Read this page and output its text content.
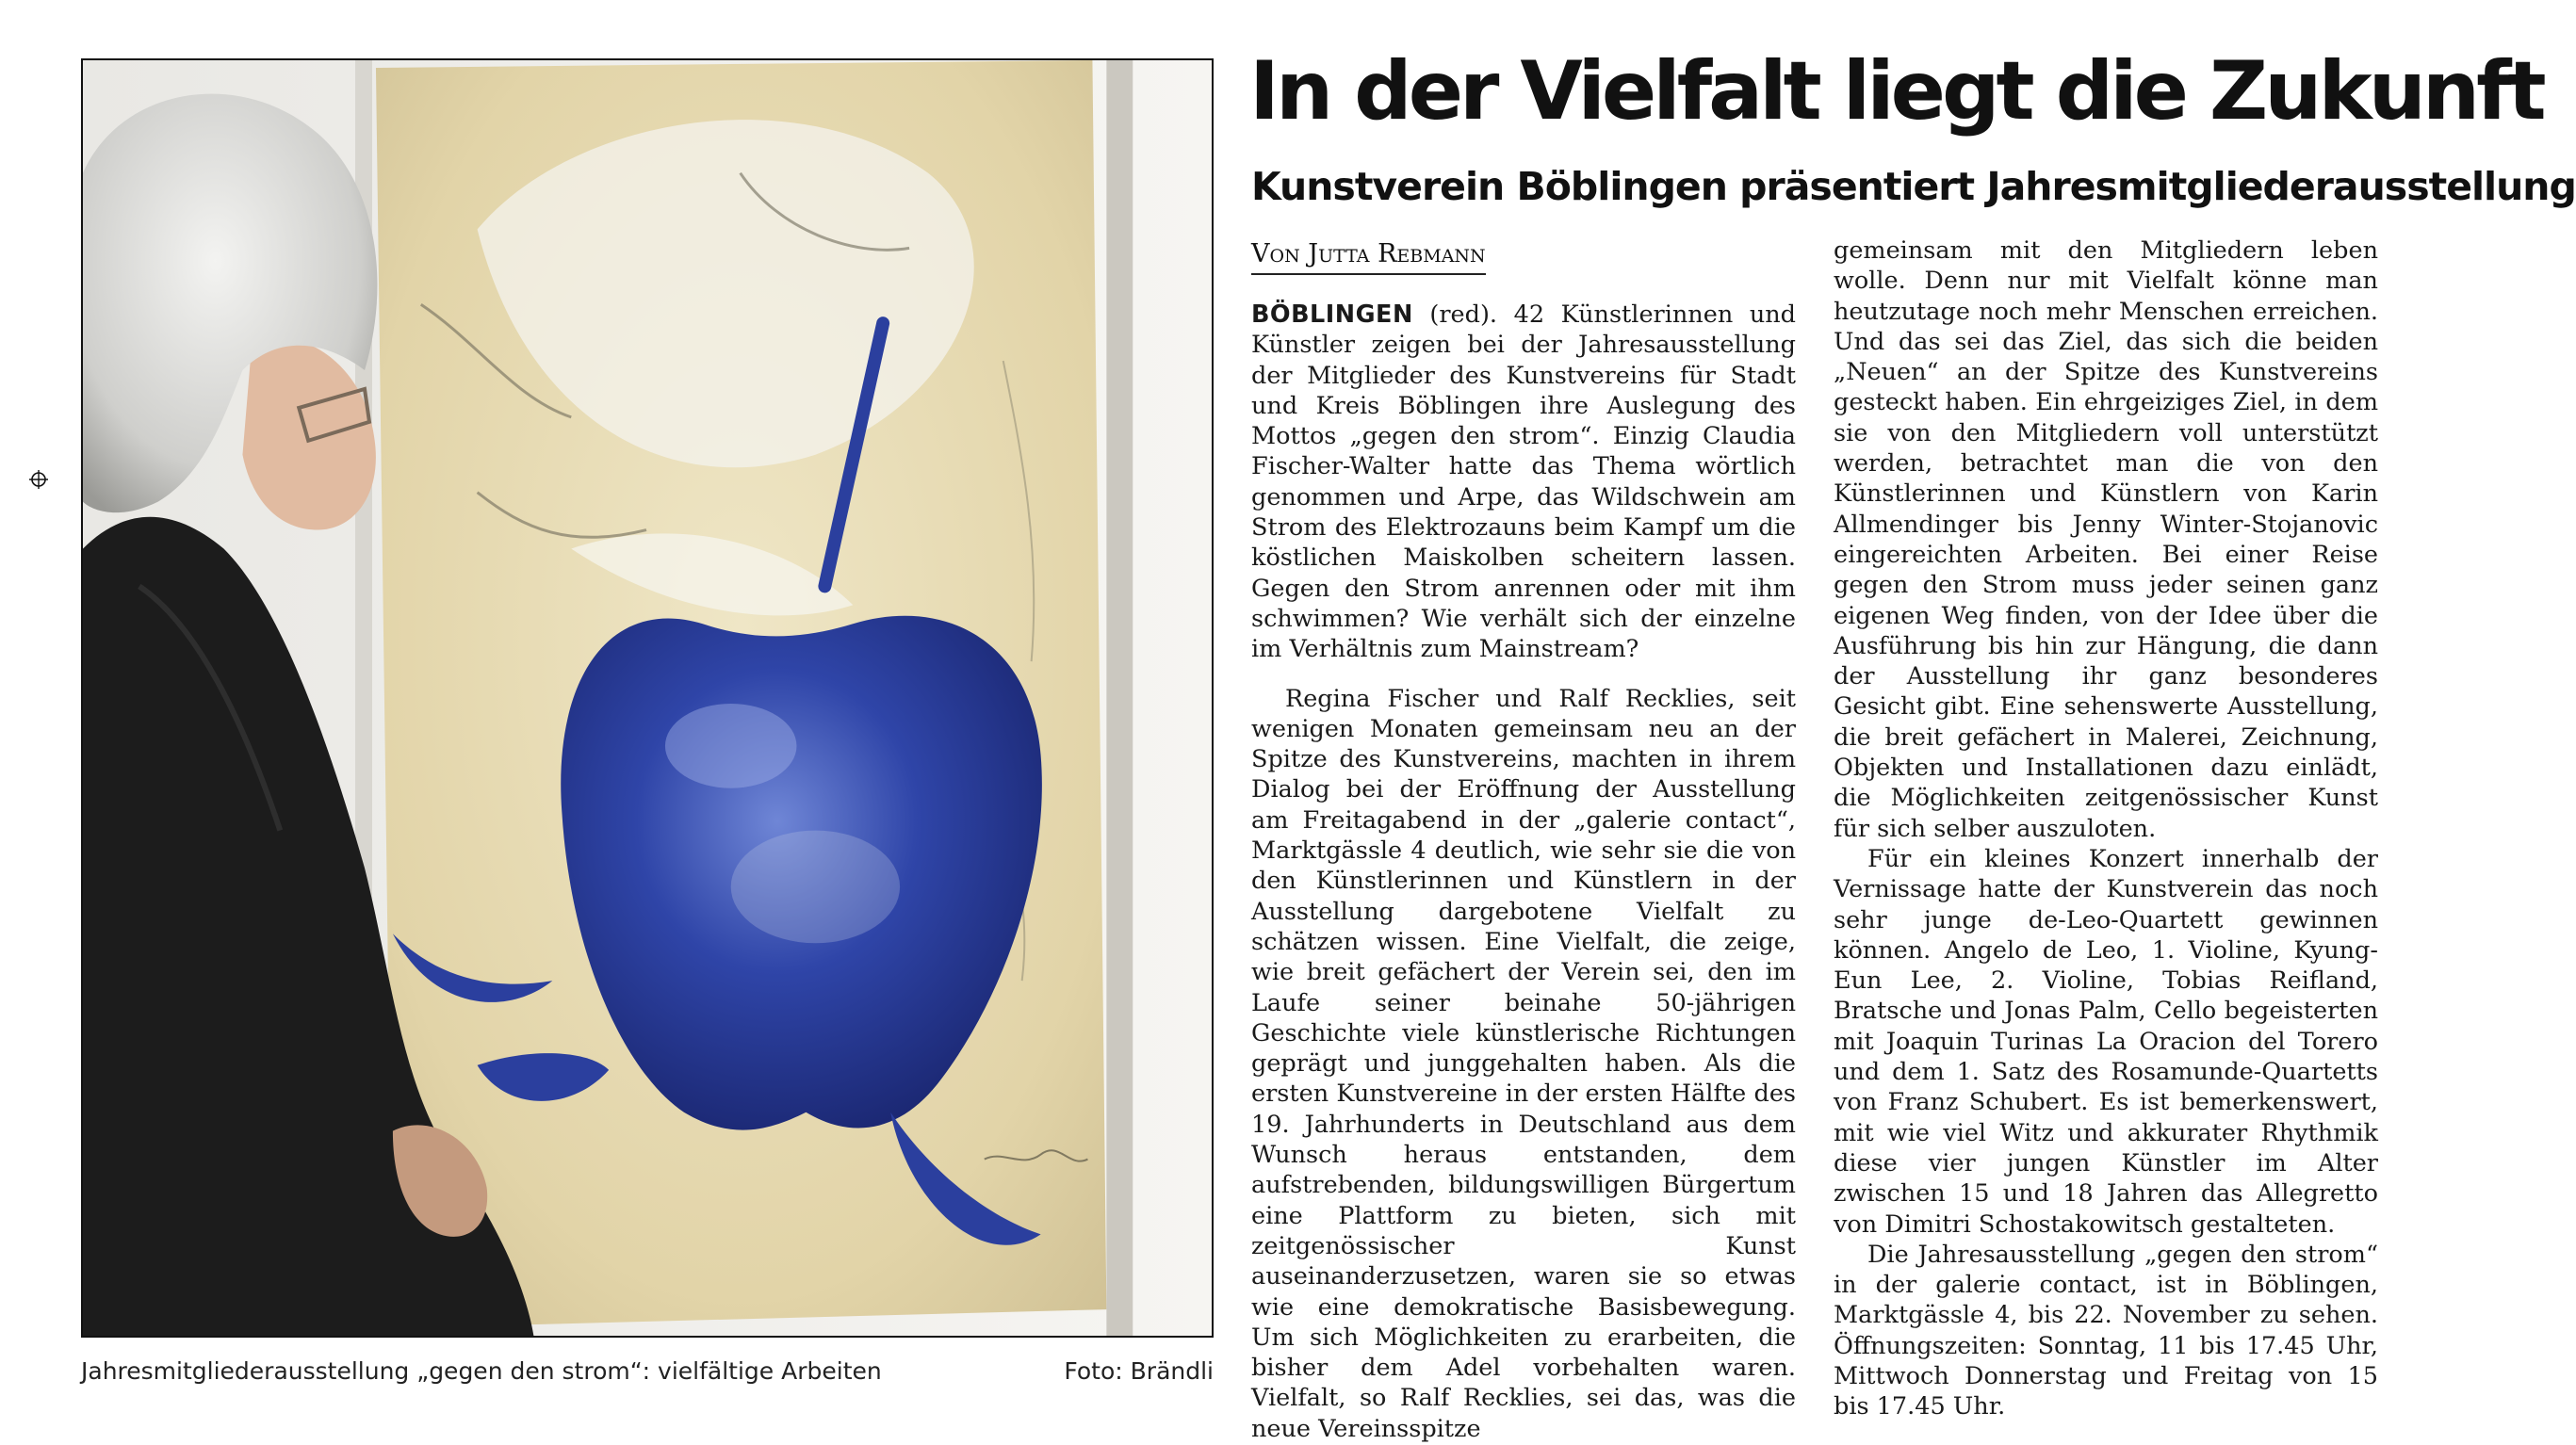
Jahresmitgliederausstellung „gegen den strom“: vielfältige Arbeiten	Foto: Brändli
In der Vielfalt liegt die Zukunft
Kunstverein Böblingen präsentiert Jahresmitgliederausstellung
Von Jutta Rebmann

BÖBLINGEN (red). 42 Künstlerinnen und Künstler zeigen bei der Jahresausstellung der Mitglieder des Kunstvereins für Stadt und Kreis Böblingen ihre Auslegung des Mottos „gegen den strom“. Einzig Claudia Fischer-Walter hatte das Thema wörtlich genommen und Arpe, das Wildschwein am Strom des Elektrozauns beim Kampf um die köstlichen Maiskolben scheitern lassen. Gegen den Strom anrennen oder mit ihm schwimmen? Wie verhält sich der einzelne im Verhältnis zum Mainstream?

Regina Fischer und Ralf Recklies, seit wenigen Monaten gemeinsam neu an der Spitze des Kunstvereins, machten in ihrem Dialog bei der Eröffnung der Ausstellung am Freitagabend in der „galerie contact“, Marktgässle 4 deutlich, wie sehr sie die von den Künstlerinnen und Künstlern in der Ausstellung dargebotene Vielfalt zu schätzen wissen. Eine Vielfalt, die zeige, wie breit gefächert der Verein sei, den im Laufe seiner beinahe 50-jährigen Geschichte viele künstlerische Richtungen geprägt und junggehalten haben. Als die ersten Kunstvereine in der ersten Hälfte des 19. Jahrhunderts in Deutschland aus dem Wunsch heraus entstanden, dem aufstrebenden, bildungswilligen Bürgertum eine Plattform zu bieten, sich mit zeitgenössischer Kunst auseinanderzusetzen, waren sie so etwas wie eine demokratische Basisbewegung. Um sich Möglichkeiten zu erarbeiten, die bisher dem Adel vorbehalten waren. Vielfalt, so Ralf Recklies, sei das, was die neue Vereinsspitze

gemeinsam mit den Mitgliedern leben wolle. Denn nur mit Vielfalt könne man heutzutage noch mehr Menschen erreichen. Und das sei das Ziel, das sich die beiden „Neuen“ an der Spitze des Kunstvereins gesteckt haben. Ein ehrgeiziges Ziel, in dem sie von den Mitgliedern voll unterstützt werden, betrachtet man die von den Künstlerinnen und Künstlern von Karin Allmendinger bis Jenny Winter-Stojanovic eingereichten Arbeiten. Bei einer Reise gegen den Strom muss jeder seinen ganz eigenen Weg finden, von der Idee über die Ausführung bis hin zur Hängung, die dann der Ausstellung ihr ganz besonderes Gesicht gibt. Eine sehenswerte Ausstellung, die breit gefächert in Malerei, Zeichnung, Objekten und Installationen dazu einlädt, die Möglichkeiten zeitgenössischer Kunst für sich selber auszuloten.

Für ein kleines Konzert innerhalb der Vernissage hatte der Kunstverein das noch sehr junge de-Leo-Quartett gewinnen können. Angelo de Leo, 1. Violine, Kyung-Eun Lee, 2. Violine, Tobias Reifland, Bratsche und Jonas Palm, Cello begeisterten mit Joaquin Turinas La Oracion del Torero und dem 1. Satz des Rosamunde-Quartetts von Franz Schubert. Es ist bemerkenswert, mit wie viel Witz und akkurater Rhythmik diese vier jungen Künstler im Alter zwischen 15 und 18 Jahren das Allegretto von Dimitri Schostakowitsch gestalteten.

Die Jahresausstellung „gegen den strom“ in der galerie contact, ist in Böblingen, Marktgässle 4, bis 22. November zu sehen. Öffnungszeiten: Sonntag, 11 bis 17.45 Uhr, Mittwoch Donnerstag und Freitag von 15 bis 17.45 Uhr.
